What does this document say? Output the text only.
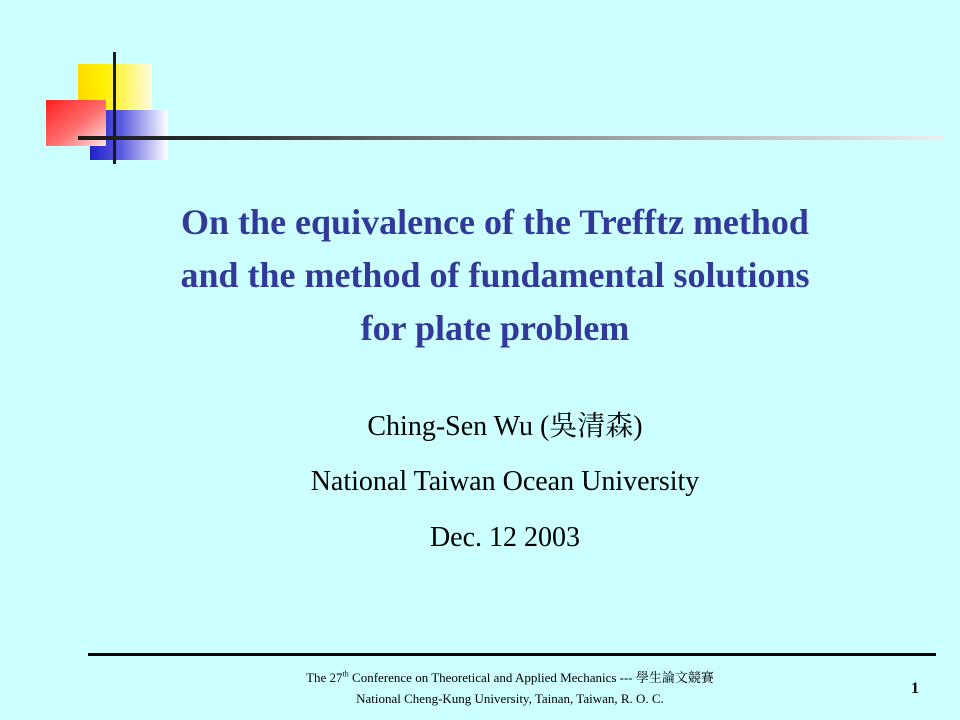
On the equivalence of the Trefftz method
and the method of fundamental solutions
for plate problem
Ching-Sen Wu (吳清森)
National Taiwan Ocean University
Dec. 12 2003
The 27th Conference on Theoretical and Applied Mechanics --- 學生論文競賽
National Cheng-Kung University, Tainan, Taiwan, R. O. C.
1
